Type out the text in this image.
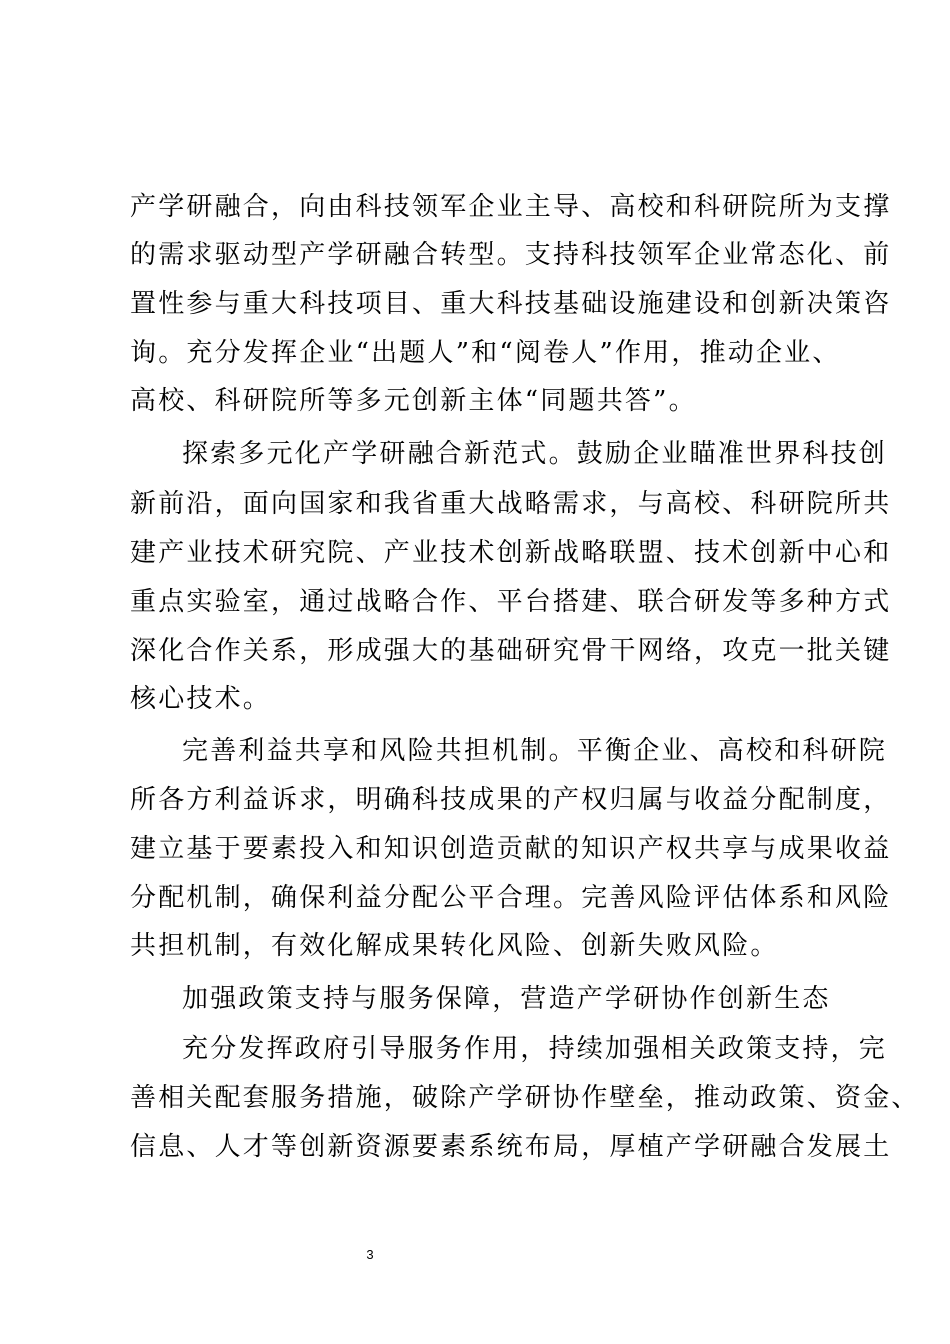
产学研融合，向由科技领军企业主导、高校和科研院所为支撑
的需求驱动型产学研融合转型。支持科技领军企业常态化、前
置性参与重大科技项目、重大科技基础设施建设和创新决策咨
询。充分发挥企业“出题人”和“阅卷人”作用，推动企业、
高校、科研院所等多元创新主体“同题共答”。
探索多元化产学研融合新范式。鼓励企业瞄准世界科技创
新前沿，面向国家和我省重大战略需求，与高校、科研院所共
建产业技术研究院、产业技术创新战略联盟、技术创新中心和
重点实验室，通过战略合作、平台搭建、联合研发等多种方式
深化合作关系，形成强大的基础研究骨干网络，攻克一批关键
核心技术。
完善利益共享和风险共担机制。平衡企业、高校和科研院
所各方利益诉求，明确科技成果的产权归属与收益分配制度，
建立基于要素投入和知识创造贡献的知识产权共享与成果收益
分配机制，确保利益分配公平合理。完善风险评估体系和风险
共担机制，有效化解成果转化风险、创新失败风险。
加强政策支持与服务保障，营造产学研协作创新生态
充分发挥政府引导服务作用，持续加强相关政策支持，完
善相关配套服务措施，破除产学研协作壁垒，推动政策、资金、
信息、人才等创新资源要素系统布局，厚植产学研融合发展土
3
